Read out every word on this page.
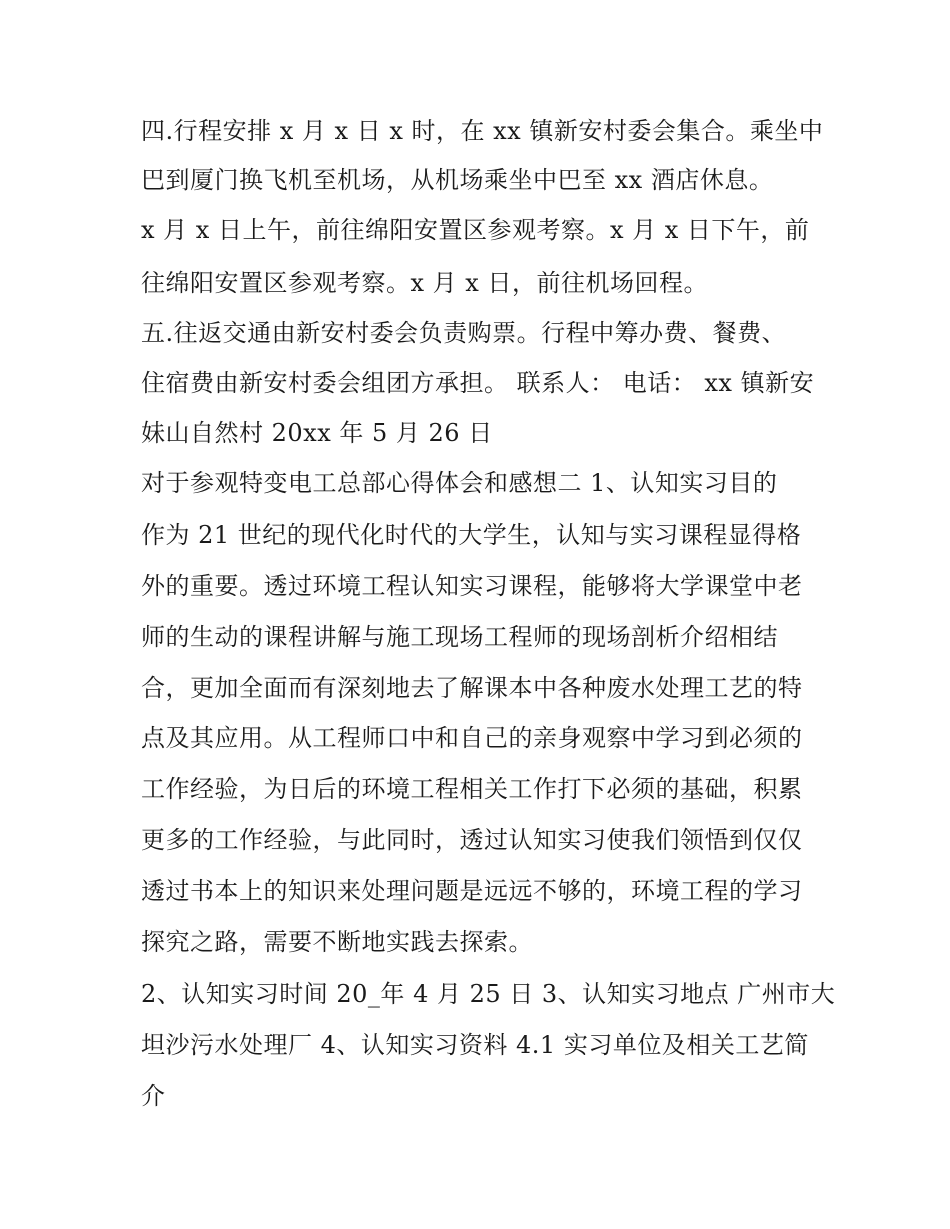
四.行程安排 x 月 x 日 x 时，在 xx 镇新安村委会集合。乘坐中

巴到厦门换飞机至机场，从机场乘坐中巴至 xx 酒店休息。

x 月 x 日上午，前往绵阳安置区参观考察。x 月 x 日下午，前

往绵阳安置区参观考察。x 月 x 日，前往机场回程。

五.往返交通由新安村委会负责购票。行程中筹办费、餐费、

住宿费由新安村委会组团方承担。 联系人： 电话： xx 镇新安

妹山自然村 20xx 年 5 月 26 日

对于参观特变电工总部心得体会和感想二 1、认知实习目的

作为 21 世纪的现代化时代的大学生，认知与实习课程显得格

外的重要。透过环境工程认知实习课程，能够将大学课堂中老

师的生动的课程讲解与施工现场工程师的现场剖析介绍相结

合，更加全面而有深刻地去了解课本中各种废水处理工艺的特

点及其应用。从工程师口中和自己的亲身观察中学习到必须的

工作经验，为日后的环境工程相关工作打下必须的基础，积累

更多的工作经验，与此同时，透过认知实习使我们领悟到仅仅

透过书本上的知识来处理问题是远远不够的，环境工程的学习

探究之路，需要不断地实践去探索。

2、认知实习时间 20_年 4 月 25 日 3、认知实习地点 广州市大

坦沙污水处理厂 4、认知实习资料 4.1 实习单位及相关工艺简

介
